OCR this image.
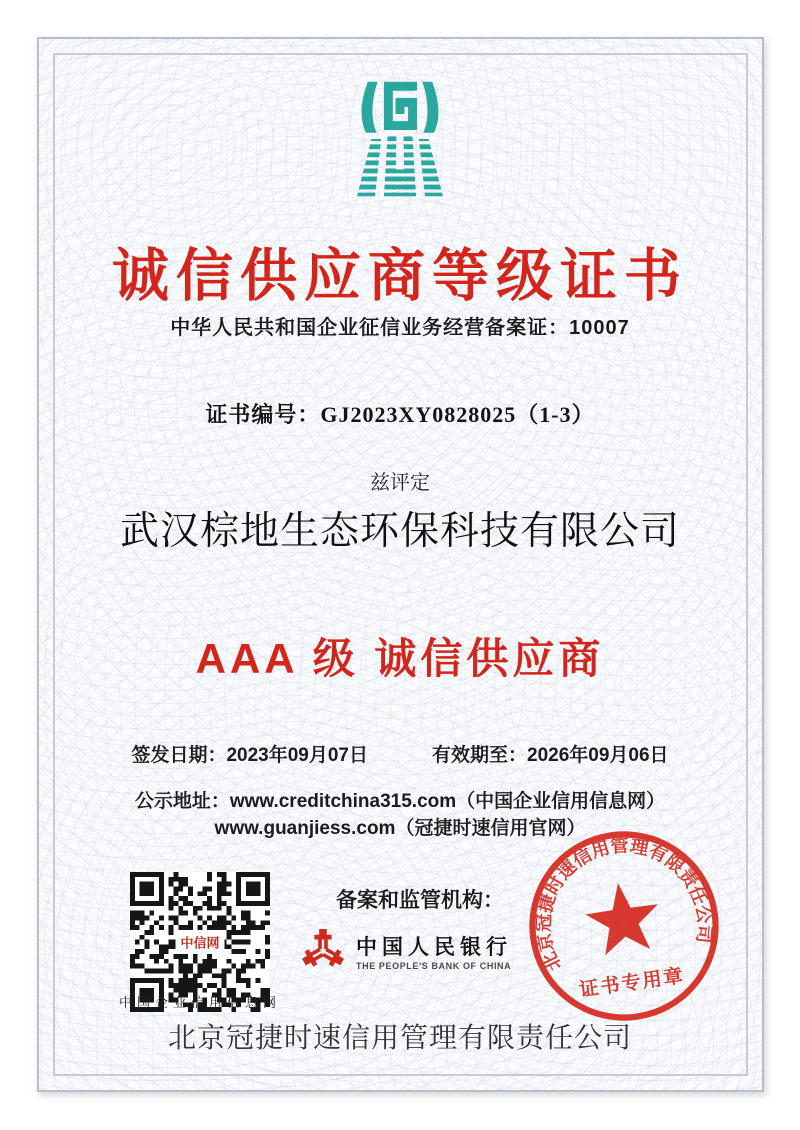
诚信供应商等级证书
中华人民共和国企业征信业务经营备案证：10007
证书编号：GJ2023XY0828025（1-3）
兹评定
武汉棕地生态环保科技有限公司
AAA 级 诚信供应商
签发日期：2023年09月07日	有效期至：2026年09月06日
公示地址：www.creditchina315.com（中国企业信用信息网）
www.guanjiess.com（冠捷时速信用官网）
中信网
中国企业信用信息网
备案和监管机构：
中国人民银行
THE PEOPLE'S BANK OF CHINA	北京冠捷时速信用管理有限责任公司
证书专用章
北京冠捷时速信用管理有限责任公司
